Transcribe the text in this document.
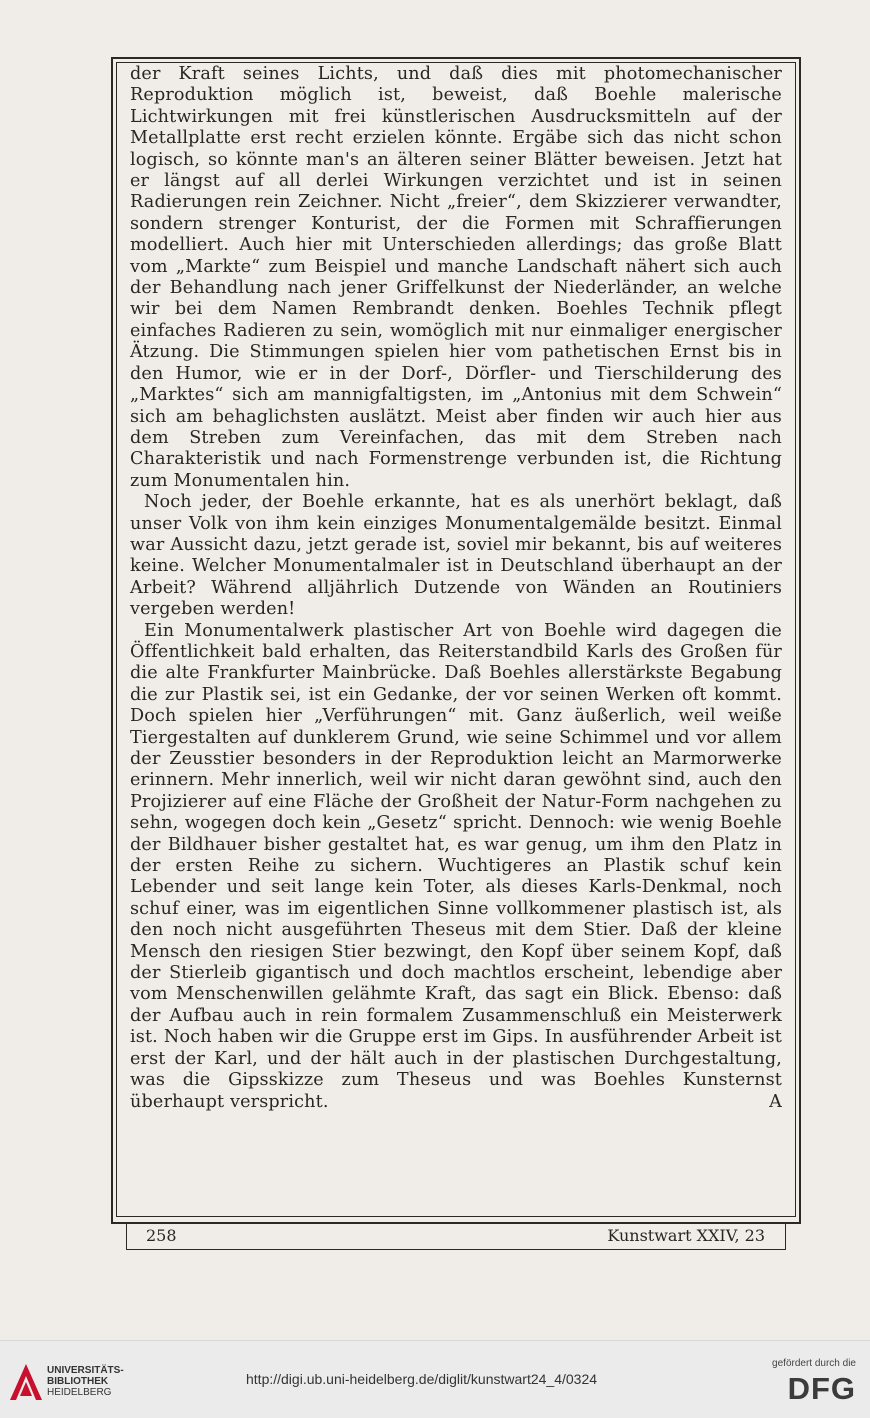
der Kraft seines Lichts, und daß dies mit photomechanischer Reproduktion möglich ist, beweist, daß Boehle malerische Lichtwirkungen mit frei künstlerischen Ausdrucksmitteln auf der Metallplatte erst recht erzielen könnte. Ergäbe sich das nicht schon logisch, so könnte man's an älteren seiner Blätter beweisen. Jetzt hat er längst auf all derlei Wirkungen verzichtet und ist in seinen Radierungen rein Zeichner. Nicht „freier“, dem Skizzierer verwandter, sondern strenger Konturist, der die Formen mit Schraffierungen modelliert. Auch hier mit Unterschieden allerdings; das große Blatt vom „Markte“ zum Beispiel und manche Landschaft nähert sich auch der Behandlung nach jener Griffelkunst der Niederländer, an welche wir bei dem Namen Rembrandt denken. Boehles Technik pflegt einfaches Radieren zu sein, womöglich mit nur einmaliger energischer Ätzung. Die Stimmungen spielen hier vom pathetischen Ernst bis in den Humor, wie er in der Dorf-, Dörfler- und Tierschilderung des „Marktes“ sich am mannigfaltigsten, im „Antonius mit dem Schwein“ sich am behaglichsten auslätzt. Meist aber finden wir auch hier aus dem Streben zum Vereinfachen, das mit dem Streben nach Charakteristik und nach Formenstrenge verbunden ist, die Richtung zum Monumentalen hin.

Noch jeder, der Boehle erkannte, hat es als unerhört beklagt, daß unser Volk von ihm kein einziges Monumentalgemälde besitzt. Einmal war Aussicht dazu, jetzt gerade ist, soviel mir bekannt, bis auf weiteres keine. Welcher Monumentalmaler ist in Deutschland überhaupt an der Arbeit? Während alljährlich Dutzende von Wänden an Routiniers vergeben werden!

Ein Monumentalwerk plastischer Art von Boehle wird dagegen die Öffentlichkeit bald erhalten, das Reiterstandbild Karls des Großen für die alte Frankfurter Mainbrücke. Daß Boehles allerstärkste Begabung die zur Plastik sei, ist ein Gedanke, der vor seinen Werken oft kommt. Doch spielen hier „Verführungen“ mit. Ganz äußerlich, weil weiße Tiergestalten auf dunklerem Grund, wie seine Schimmel und vor allem der Zeusstier besonders in der Reproduktion leicht an Marmorwerke erinnern. Mehr innerlich, weil wir nicht daran gewöhnt sind, auch den Projizierer auf eine Fläche der Großheit der Natur-Form nachgehen zu sehn, wogegen doch kein „Gesetz“ spricht. Dennoch: wie wenig Boehle der Bildhauer bisher gestaltet hat, es war genug, um ihm den Platz in der ersten Reihe zu sichern. Wuchtigeres an Plastik schuf kein Lebender und seit lange kein Toter, als dieses Karls-Denkmal, noch schuf einer, was im eigentlichen Sinne vollkommener plastisch ist, als den noch nicht ausgeführten Theseus mit dem Stier. Daß der kleine Mensch den riesigen Stier bezwingt, den Kopf über seinem Kopf, daß der Stierleib gigantisch und doch machtlos erscheint, lebendige aber vom Menschenwillen gelähmte Kraft, das sagt ein Blick. Ebenso: daß der Aufbau auch in rein formalem Zusammenschluß ein Meisterwerk ist. Noch haben wir die Gruppe erst im Gips. In ausführender Arbeit ist erst der Karl, und der hält auch in der plastischen Durchgestaltung, was die Gipsskizze zum Theseus und was Boehles Kunsternst überhaupt verspricht.	A

258	Kunstwart XXIV, 23
UNIVERSITÄTS-
BIBLIOTHEK
HEIDELBERG
http://digi.ub.uni-heidelberg.de/diglit/kunstwart24_4/0324
gefördert durch die
DFG
